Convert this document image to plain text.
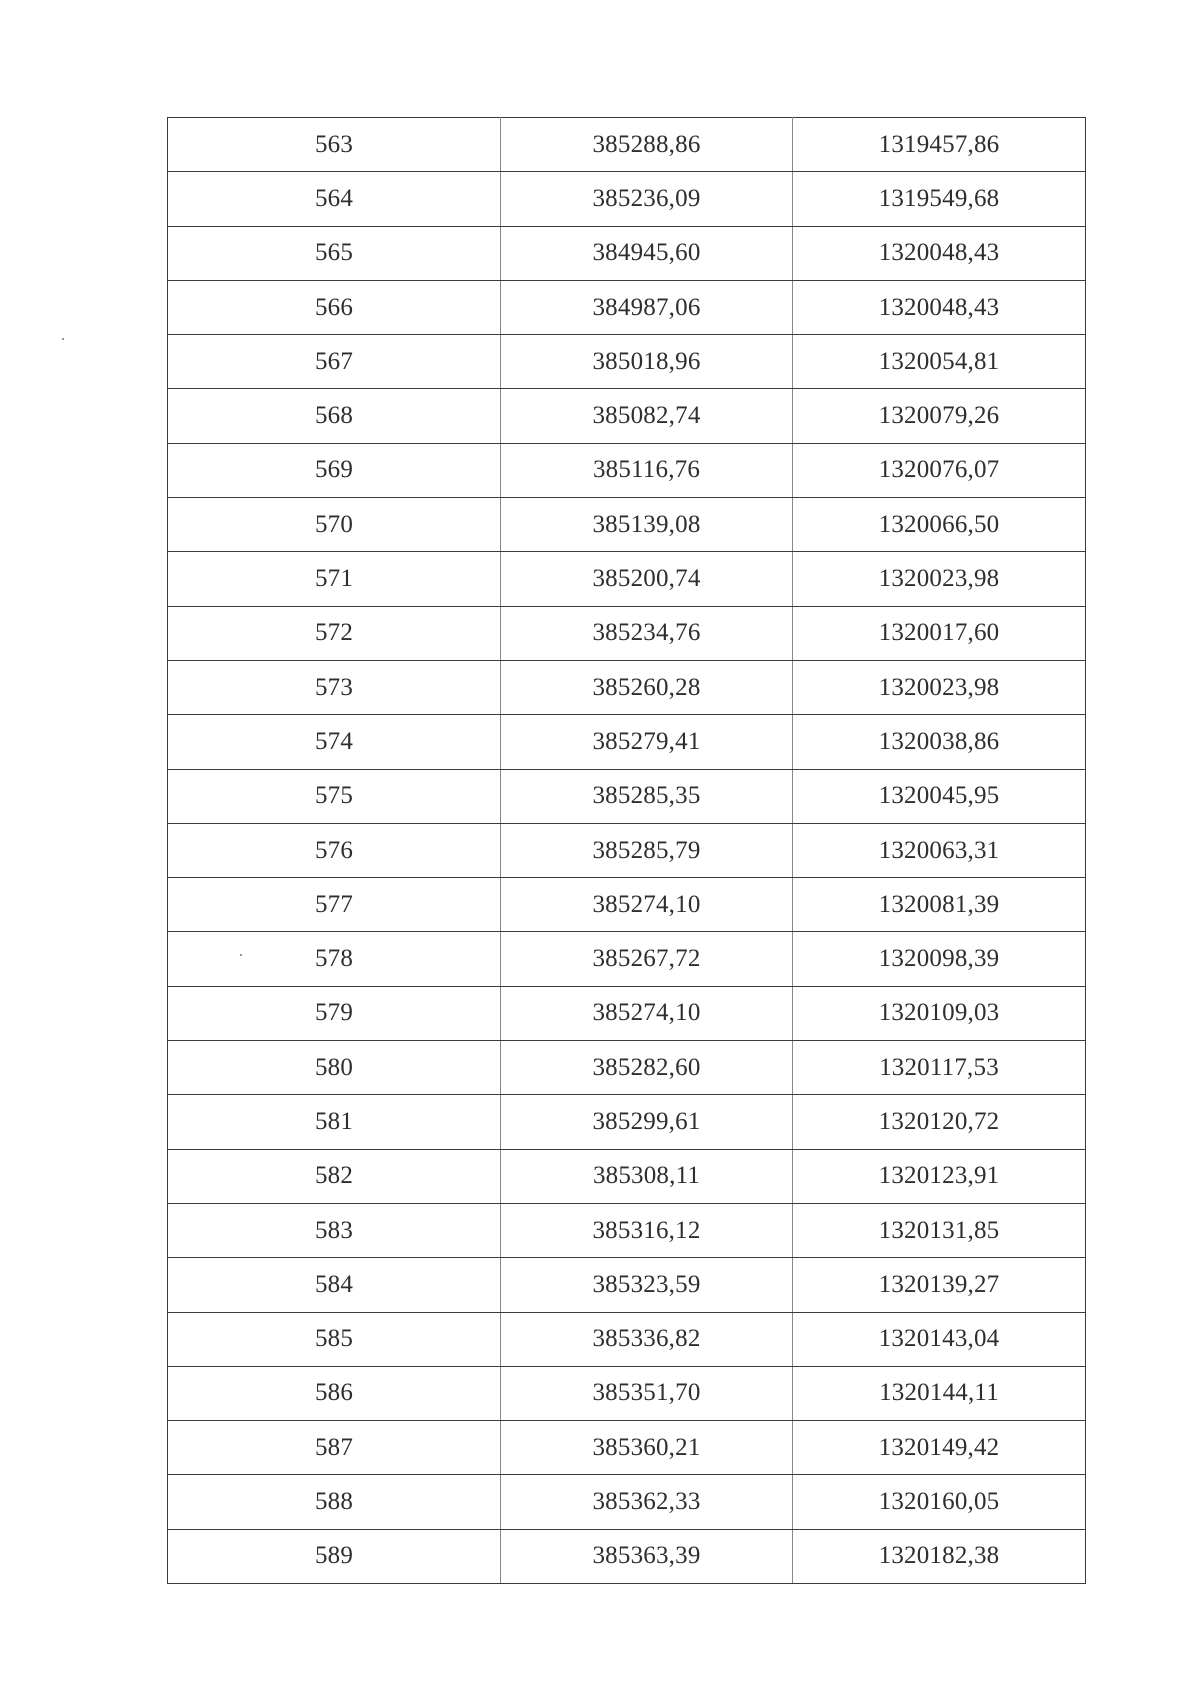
563	385288,86	1319457,86
564	385236,09	1319549,68
565	384945,60	1320048,43
566	384987,06	1320048,43
567	385018,96	1320054,81
568	385082,74	1320079,26
569	385116,76	1320076,07
570	385139,08	1320066,50
571	385200,74	1320023,98
572	385234,76	1320017,60
573	385260,28	1320023,98
574	385279,41	1320038,86
575	385285,35	1320045,95
576	385285,79	1320063,31
577	385274,10	1320081,39
578	385267,72	1320098,39
579	385274,10	1320109,03
580	385282,60	1320117,53
581	385299,61	1320120,72
582	385308,11	1320123,91
583	385316,12	1320131,85
584	385323,59	1320139,27
585	385336,82	1320143,04
586	385351,70	1320144,11
587	385360,21	1320149,42
588	385362,33	1320160,05
589	385363,39	1320182,38
